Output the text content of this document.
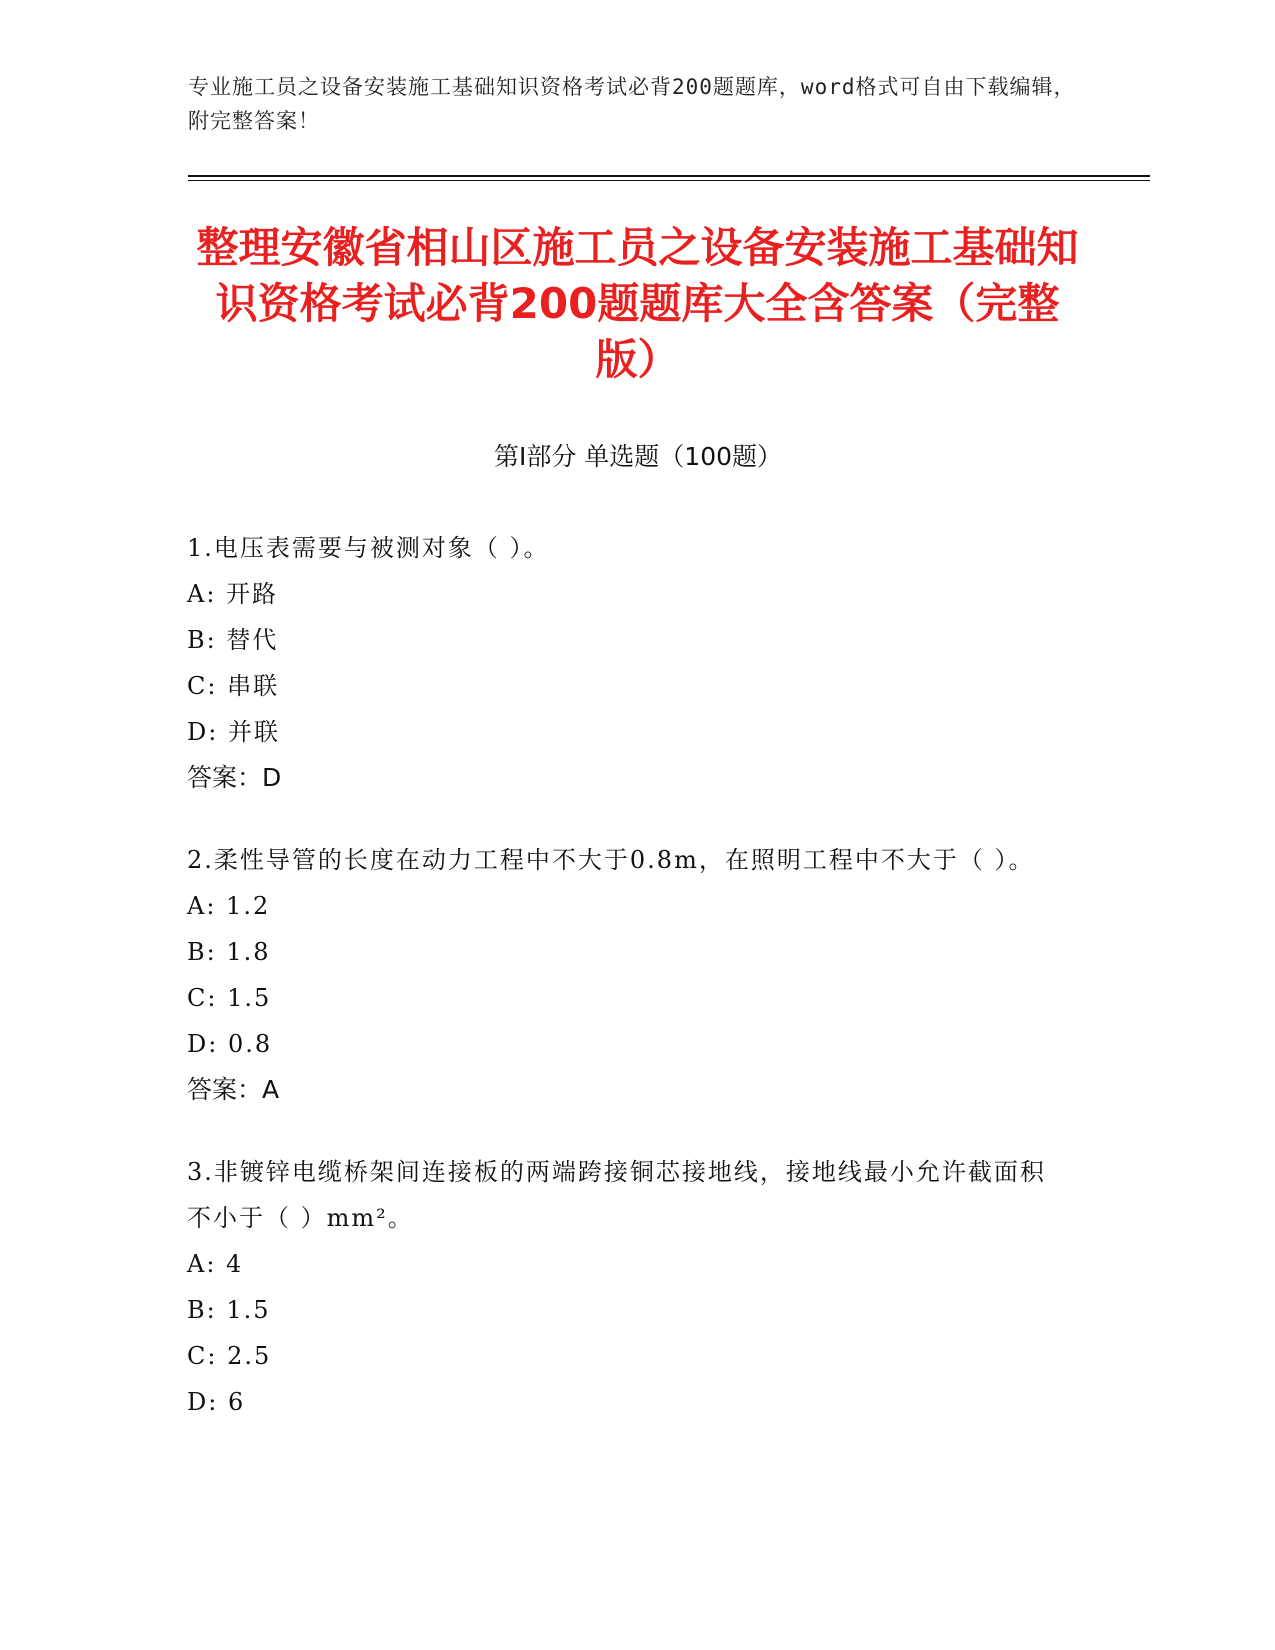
专业施工员之设备安装施工基础知识资格考试必背200题题库，word格式可自由下载编辑，附完整答案！
整理安徽省相山区施工员之设备安装施工基础知识资格考试必背200题题库大全含答案（完整版）
第Ⅰ部分 单选题（100题）
1.电压表需要与被测对象（ ）。
A: 开路
B: 替代
C: 串联
D: 并联
答案：D
2.柔性导管的长度在动力工程中不大于0.8m，在照明工程中不大于（ ）。
A: 1.2
B: 1.8
C: 1.5
D: 0.8
答案：A
3.非镀锌电缆桥架间连接板的两端跨接铜芯接地线，接地线最小允许截面积不小于（ ）mm²。
A: 4
B: 1.5
C: 2.5
D: 6
